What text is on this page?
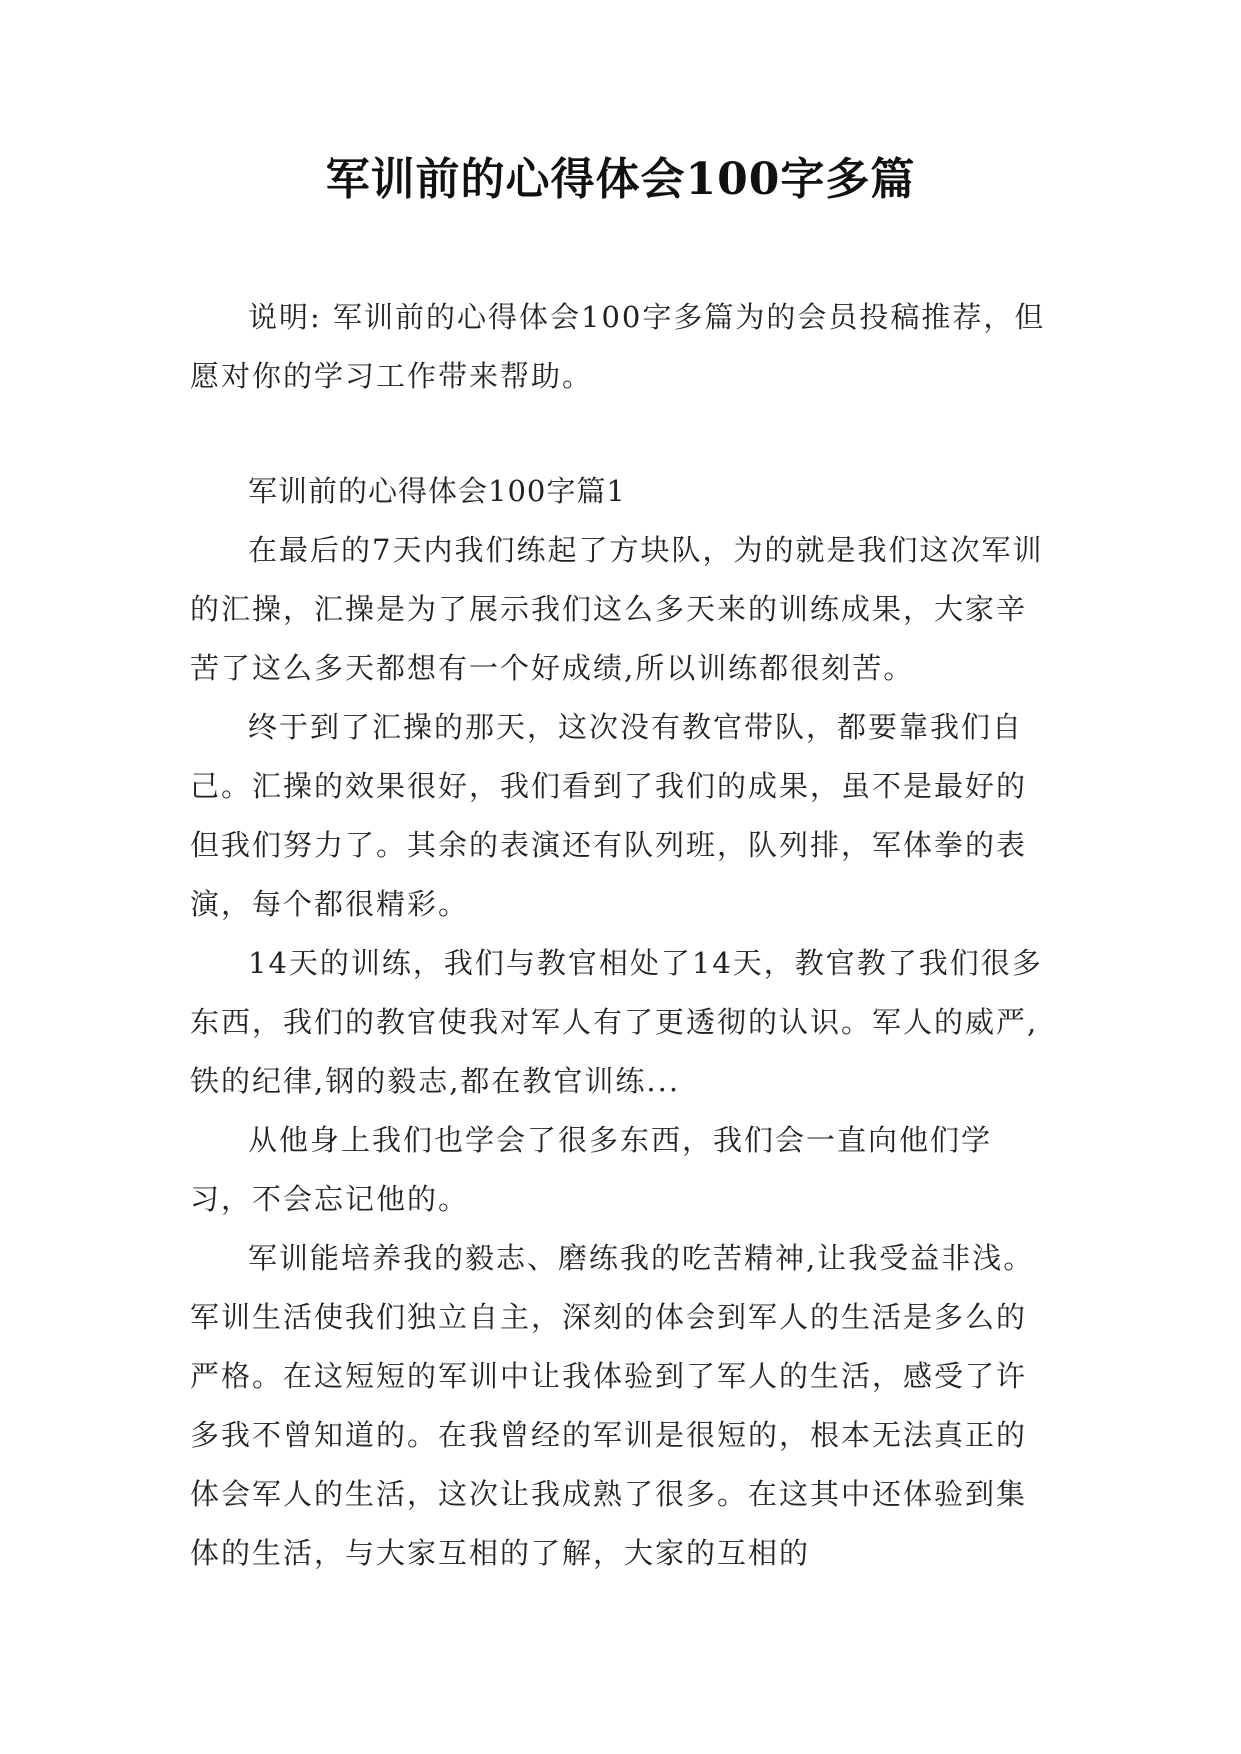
军训前的心得体会100字多篇

说明: 军训前的心得体会100字多篇为的会员投稿推荐，但愿对你的学习工作带来帮助。

军训前的心得体会100字篇1

在最后的7天内我们练起了方块队，为的就是我们这次军训的汇操，汇操是为了展示我们这么多天来的训练成果，大家辛苦了这么多天都想有一个好成绩,所以训练都很刻苦。

终于到了汇操的那天，这次没有教官带队，都要靠我们自己。汇操的效果很好，我们看到了我们的成果，虽不是最好的但我们努力了。其余的表演还有队列班，队列排，军体拳的表演，每个都很精彩。

14天的训练，我们与教官相处了14天，教官教了我们很多东西，我们的教官使我对军人有了更透彻的认识。军人的威严,铁的纪律,钢的毅志,都在教官训练...

从他身上我们也学会了很多东西，我们会一直向他们学习，不会忘记他的。

军训能培养我的毅志、磨练我的吃苦精神,让我受益非浅。军训生活使我们独立自主，深刻的体会到军人的生活是多么的严格。在这短短的军训中让我体验到了军人的生活，感受了许多我不曾知道的。在我曾经的军训是很短的，根本无法真正的体会军人的生活，这次让我成熟了很多。在这其中还体验到集体的生活，与大家互相的了解，大家的互相的
